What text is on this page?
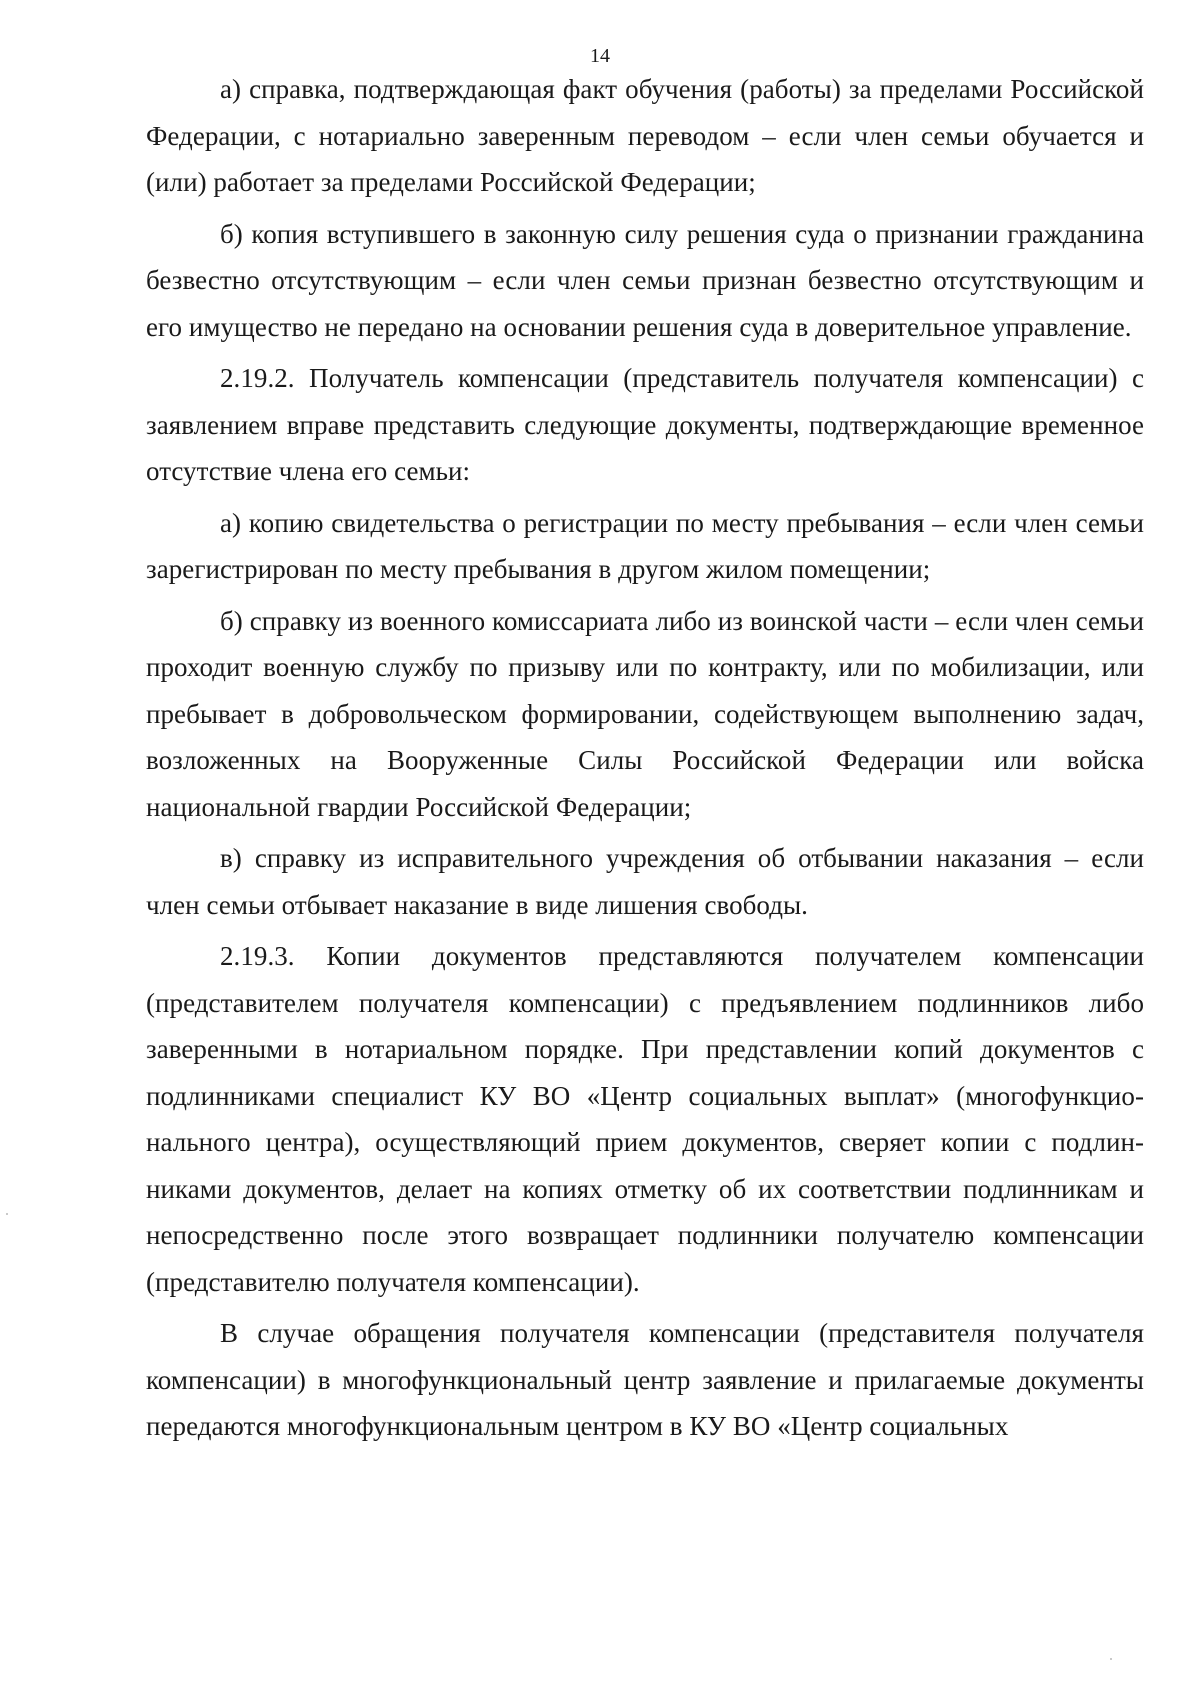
14

а) справка, подтверждающая факт обучения (работы) за пределами Российской Федерации, с нотариально заверенным переводом – если член семьи обучается и (или) работает за пределами Российской Федерации;

б) копия вступившего в законную силу решения суда о признании гражданина безвестно отсутствующим – если член семьи признан безвестно отсутствующим и его имущество не передано на основании решения суда в доверительное управление.

2.19.2. Получатель компенсации (представитель получателя компенсации) с заявлением вправе представить следующие документы, подтверждающие временное отсутствие члена его семьи:

а) копию свидетельства о регистрации по месту пребывания – если член семьи зарегистрирован по месту пребывания в другом жилом помещении;

б) справку из военного комиссариата либо из воинской части – если член семьи проходит военную службу по призыву или по контракту, или по мобилизации, или пребывает в добровольческом формировании, содействующем выполнению задач, возложенных на Вооруженные Силы Российской Федерации или войска национальной гвардии Российской Федерации;

в) справку из исправительного учреждения об отбывании наказания – если член семьи отбывает наказание в виде лишения свободы.

2.19.3. Копии документов представляются получателем компенсации (представителем получателя компенсации) с предъявлением подлинников либо заверенными в нотариальном порядке. При представлении копий документов с подлинниками специалист КУ ВО «Центр социальных выплат» (многофункционального центра), осуществляющий прием документов, сверяет копии с подлинниками документов, делает на копиях отметку об их соответствии подлинникам и непосредственно после этого возвращает подлинники получателю компенсации (представителю получателя компенсации).

В случае обращения получателя компенсации (представителя получателя компенсации) в многофункциональный центр заявление и прилагаемые документы передаются многофункциональным центром в КУ ВО «Центр социальных
